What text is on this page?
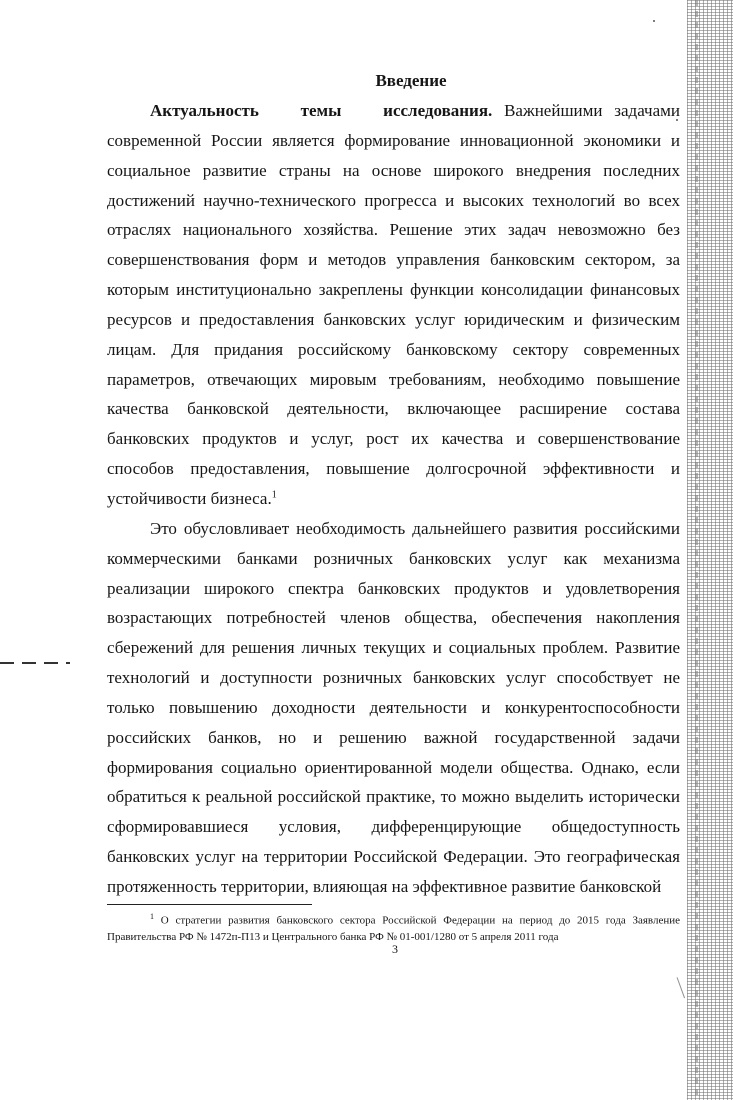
Введение

Актуальность темы исследования. Важнейшими задачами современной России является формирование инновационной экономики и социальное развитие страны на основе широкого внедрения последних достижений научно-технического прогресса и высоких технологий во всех отраслях национального хозяйства. Решение этих задач невозможно без совершенствования форм и методов управления банковским сектором, за которым институционально закреплены функции консолидации финансовых ресурсов и предоставления банковских услуг юридическим и физическим лицам. Для придания российскому банковскому сектору современных параметров, отвечающих мировым требованиям, необходимо повышение качества банковской деятельности, включающее расширение состава банковских продуктов и услуг, рост их качества и совершенствование способов предоставления, повышение долгосрочной эффективности и устойчивости бизнеса.$^1$

Это обусловливает необходимость дальнейшего развития российскими коммерческими банками розничных банковских услуг как механизма реализации широкого спектра банковских продуктов и удовлетворения возрастающих потребностей членов общества, обеспечения накопления сбережений для решения личных текущих и социальных проблем. Развитие технологий и доступности розничных банковских услуг способствует не только повышению доходности деятельности и конкурентоспособности российских банков, но и решению важной государственной задачи формирования социально ориентированной модели общества. Однако, если обратиться к реальной российской практике, то можно выделить исторически сформировавшиеся условия, дифференцирующие общедоступность банковских услуг на территории Российской Федерации. Это географическая протяженность территории, влияющая на эффективное развитие банковской

$^1$ О стратегии развития банковского сектора Российской Федерации на период до 2015 года Заявление Правительства РФ № 1472п-П13 и Центрального банка РФ № 01-001/1280 от 5 апреля 2011 года
3
